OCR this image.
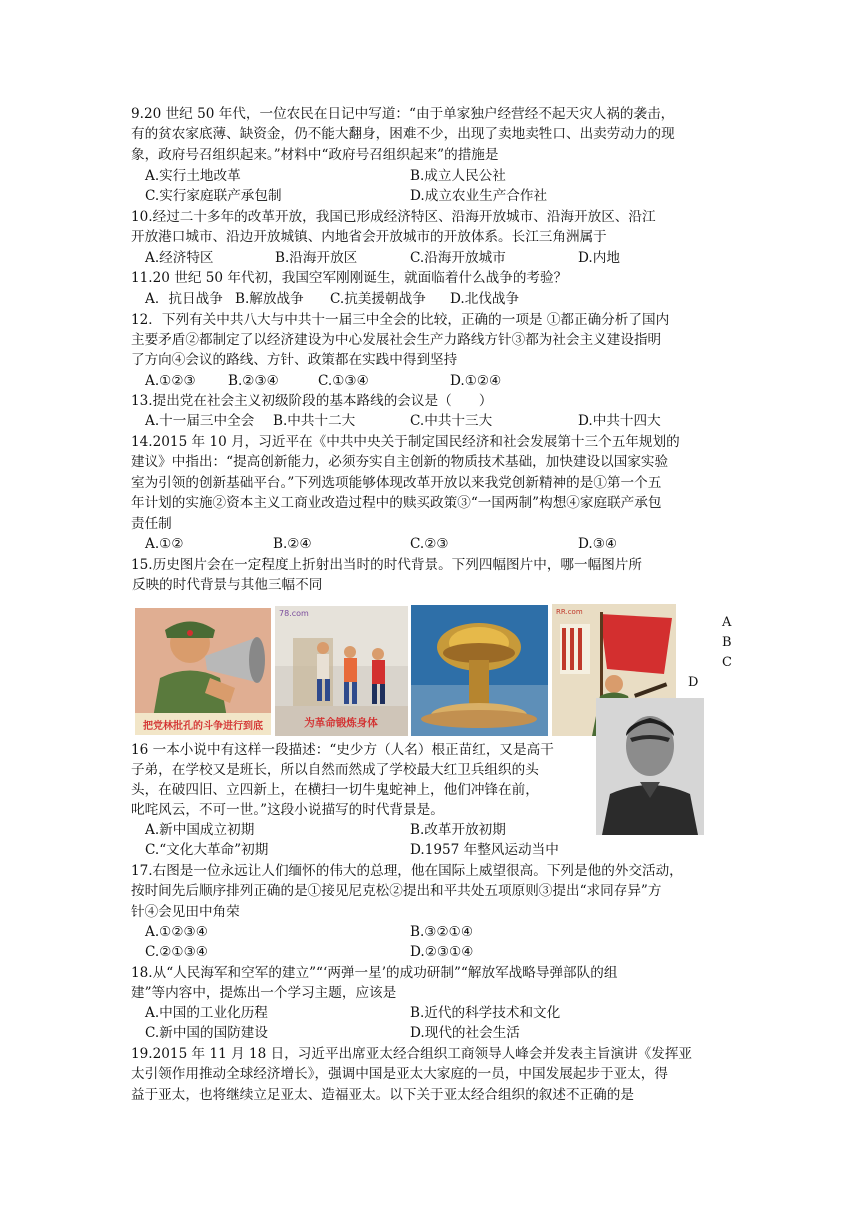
9.20 世纪 50 年代，一位农民在日记中写道：“由于单家独户经营经不起天灾人祸的袭击，
有的贫农家底薄、缺资金，仍不能大翻身，困难不少，出现了卖地卖牲口、出卖劳动力的现
象，政府号召组织起来。”材料中“政府号召组织起来”的措施是
A.实行土地改革	B.成立人民公社
C.实行家庭联产承包制	D.成立农业生产合作社
10.经过二十多年的改革开放，我国已形成经济特区、沿海开放城市、沿海开放区、沿江
开放港口城市、沿边开放城镇、内地省会开放城市的开放体系。长江三角洲属于
A.经济特区	B.沿海开放区	C.沿海开放城市	D.内地
11.20 世纪 50 年代初，我国空军刚刚诞生，就面临着什么战争的考验？
A．抗日战争 B.解放战争 C.抗美援朝战争 D.北伐战争
12．下列有关中共八大与中共十一届三中全会的比较，正确的一项是 ①都正确分析了国内
主要矛盾②都制定了以经济建设为中心发展社会生产力路线方针③都为社会主义建设指明
了方向④会议的路线、方针、政策都在实践中得到坚持
A.①②③ B.②③④	C.①③④	D.①②④
13.提出党在社会主义初级阶段的基本路线的会议是（　　）
A.十一届三中全会 B.中共十二大	C.中共十三大	D.中共十四大
14.2015 年 10 月，习近平在《中共中央关于制定国民经济和社会发展第十三个五年规划的
建议》中指出：“提高创新能力，必须夯实自主创新的物质技术基础，加快建设以国家实验
室为引领的创新基础平台。”下列选项能够体现改革开放以来我党创新精神的是①第一个五
年计划的实施②资本主义工商业改造过程中的赎买政策③“一国两制”构想④家庭联产承包
责任制
A.①②	B.②④	C.②③	D.③④
15.历史图片会在一定程度上折射出当时的时代背景。下列四幅图片中，哪一幅图片所
反映的时代背景与其他三幅不同
把党林批孔的斗争进行到底
78.com
为革命锻炼身体
RR.com
A
B
C
D
16 一本小说中有这样一段描述：“史少方（人名）根正苗红，又是高干
子弟，在学校又是班长，所以自然而然成了学校最大红卫兵组织的头
头，在破四旧、立四新上，在横扫一切牛鬼蛇神上，他们冲锋在前，
叱咤风云，不可一世。”这段小说描写的时代背景是。
A.新中国成立初期	B.改革开放初期
C.“文化大革命”初期	D.1957 年整风运动当中
17.右图是一位永远让人们缅怀的伟大的总理，他在国际上威望很高。下列是他的外交活动，
按时间先后顺序排列正确的是①接见尼克松②提出和平共处五项原则③提出“求同存异”方
针④会见田中角荣
A.①②③④	B.③②①④
C.②①③④	D.②③①④
18.从“人民海军和空军的建立”“‘两弹一星’的成功研制”“解放军战略导弹部队的组
建”等内容中，提炼出一个学习主题，应该是
A.中国的工业化历程	B.近代的科学技术和文化
C.新中国的国防建设	D.现代的社会生活
19.2015 年 11 月 18 日，习近平出席亚太经合组织工商领导人峰会并发表主旨演讲《发挥亚
太引领作用推动全球经济增长》，强调中国是亚太大家庭的一员，中国发展起步于亚太，得
益于亚太，也将继续立足亚太、造福亚太。以下关于亚太经合组织的叙述不正确的是
